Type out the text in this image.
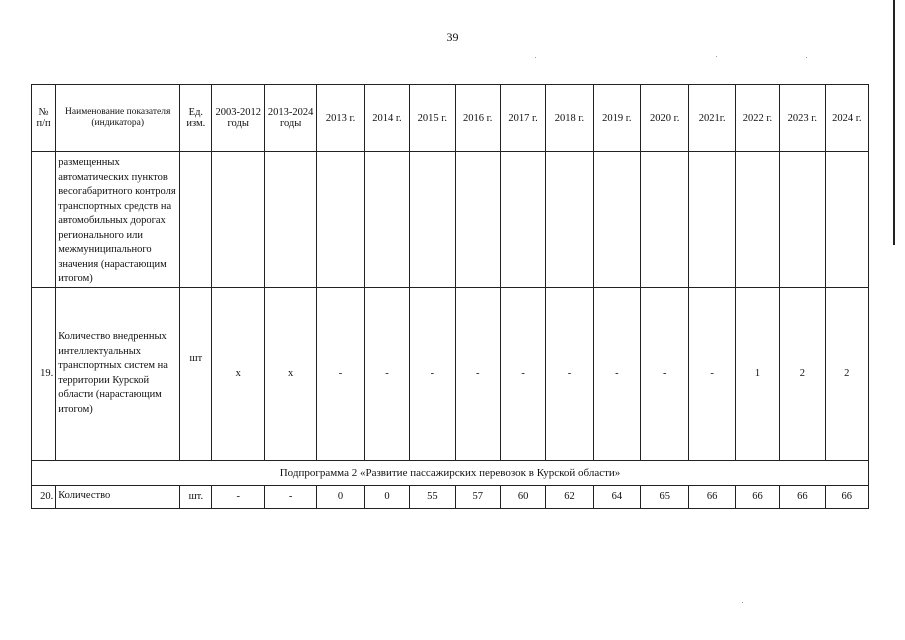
39
№ п/п	Наименование показателя (индикатора)	Ед. изм.	2003-2012 годы	2013-2024 годы	2013 г.	2014 г.	2015 г.	2016 г.	2017 г.	2018 г.	2019 г.	2020 г.	2021г.	2022 г.	2023 г.	2024 г.
	размещенных автоматических пунктов весогабаритного контроля транспортных средств на автомобильных дорогах регионального или межмуниципального значения (нарастающим итогом)															
19.	Количество внедренных интеллектуальных транспортных систем на территории Курской области (нарастающим итогом)	шт	х	х	-	-	-	-	-	-	-	-	-	1	2	2
Подпрограмма 2 «Развитие пассажирских перевозок в Курской области»																
20.	Количество	шт.	-	-	0	0	55	57	60	62	64	65	66	66	66	66
